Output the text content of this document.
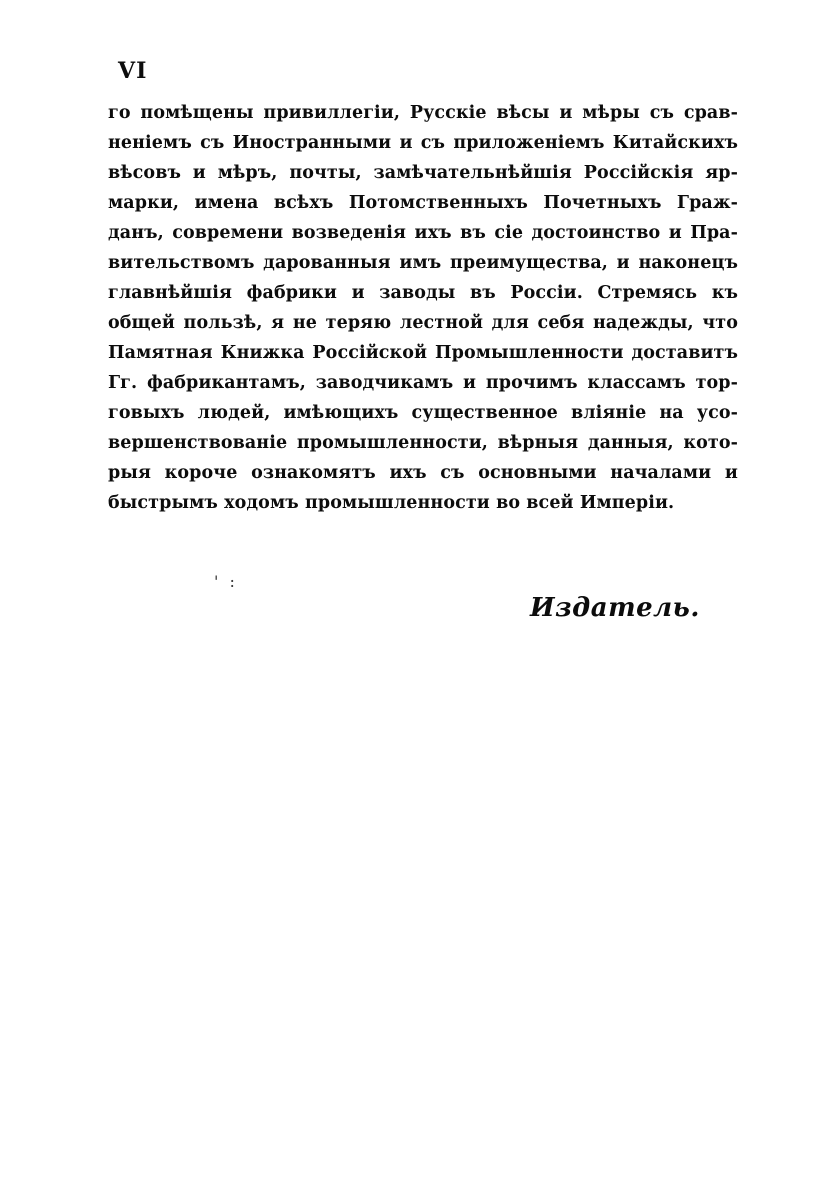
VI
го помѣщены привиллегіи, Русскіе вѣсы и мѣры съ срав-
неніемъ съ Иностранными и съ приложеніемъ Китайскихъ
вѣсовъ и мѣръ, почты, замѣчательнѣйшія Россійскія яр-
марки, имена всѣхъ Потомственныхъ Почетныхъ Граж-
данъ, современи возведенія ихъ въ сіе достоинство и Пра-
вительствомъ дарованныя имъ преимущества, и наконецъ
главнѣйшія фабрики и заводы въ Россіи. Стремясь къ
общей пользѣ, я не теряю лестной для себя надежды, что
Памятная Книжка Россійской Промышленности доставитъ
Гг. фабрикантамъ, заводчикамъ и прочимъ классамъ тор-
говыхъ людей, имѣющихъ существенное вліяніе на усо-
вершенствованіе промышленности, вѣрныя данныя, кото-
рыя короче ознакомятъ ихъ съ основными началами и
быстрымъ ходомъ промышленности во всей Имперіи.
' :
Издатель.
